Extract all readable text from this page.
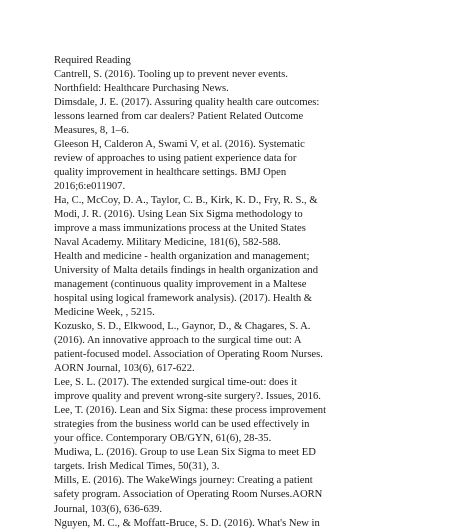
Required Reading
Cantrell, S. (2016). Tooling up to prevent never events.
Northfield: Healthcare Purchasing News.
Dimsdale, J. E. (2017). Assuring quality health care outcomes:
lessons learned from car dealers? Patient Related Outcome
Measures, 8, 1–6.
Gleeson H, Calderon A, Swami V, et al. (2016). Systematic
review of approaches to using patient experience data for
quality improvement in healthcare settings. BMJ Open
2016;6:e011907.
Ha, C., McCoy, D. A., Taylor, C. B., Kirk, K. D., Fry, R. S., &
Modi, J. R. (2016). Using Lean Six Sigma methodology to
improve a mass immunizations process at the United States
Naval Academy. Military Medicine, 181(6), 582-588.
Health and medicine - health organization and management;
University of Malta details findings in health organization and
management (continuous quality improvement in a Maltese
hospital using logical framework analysis). (2017). Health &
Medicine Week, , 5215.
Kozusko, S. D., Elkwood, L., Gaynor, D., & Chagares, S. A.
(2016). An innovative approach to the surgical time out: A
patient-focused model. Association of Operating Room Nurses.
AORN Journal, 103(6), 617-622.
Lee, S. L. (2017). The extended surgical time-out: does it
improve quality and prevent wrong-site surgery?. Issues, 2016.
Lee, T. (2016). Lean and Six Sigma: these process improvement
strategies from the business world can be used effectively in
your office. Contemporary OB/GYN, 61(6), 28-35.
Mudiwa, L. (2016). Group to use Lean Six Sigma to meet ED
targets. Irish Medical Times, 50(31), 3.
Mills, E. (2016). The WakeWings journey: Creating a patient
safety program. Association of Operating Room Nurses.AORN
Journal, 103(6), 636-639.
Nguyen, M. C., & Moffatt-Bruce, S. D. (2016). What's New in
